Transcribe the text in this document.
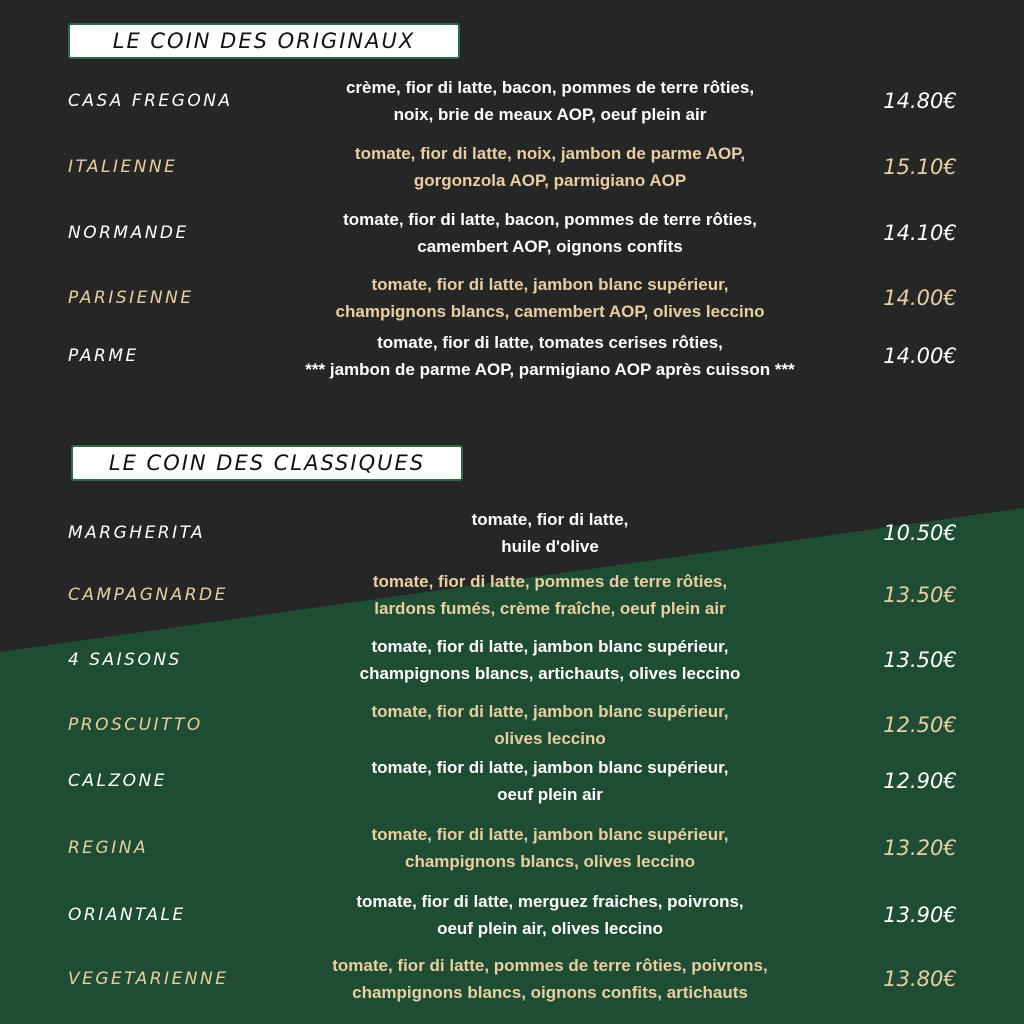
LE COIN DES ORIGINAUX
LE COIN DES CLASSIQUES
CASA FREGONA
crème, fior di latte, bacon, pommes de terre rôties,
noix, brie de meaux AOP, oeuf plein air
14.80€
ITALIENNE
tomate, fior di latte, noix, jambon de parme AOP,
gorgonzola AOP, parmigiano AOP
15.10€
NORMANDE
tomate, fior di latte, bacon, pommes de terre rôties,
camembert AOP, oignons confits
14.10€
PARISIENNE
tomate, fior di latte, jambon blanc supérieur,
champignons blancs, camembert AOP, olives leccino
14.00€
PARME
tomate, fior di latte, tomates cerises rôties,
*** jambon de parme AOP, parmigiano AOP après cuisson ***
14.00€
MARGHERITA
tomate, fior di latte,
huile d'olive
10.50€
CAMPAGNARDE
tomate, fior di latte, pommes de terre rôties,
lardons fumés, crème fraîche, oeuf plein air
13.50€
4 SAISONS
tomate, fior di latte, jambon blanc supérieur,
champignons blancs, artichauts, olives leccino
13.50€
PROSCUITTO
tomate, fior di latte, jambon blanc supérieur,
olives leccino
12.50€
CALZONE
tomate, fior di latte, jambon blanc supérieur,
oeuf plein air
12.90€
REGINA
tomate, fior di latte, jambon blanc supérieur,
champignons blancs, olives leccino
13.20€
ORIANTALE
tomate, fior di latte, merguez fraiches, poivrons,
oeuf plein air, olives leccino
13.90€
VEGETARIENNE
tomate, fior di latte, pommes de terre rôties, poivrons,
champignons blancs, oignons confits, artichauts
13.80€
